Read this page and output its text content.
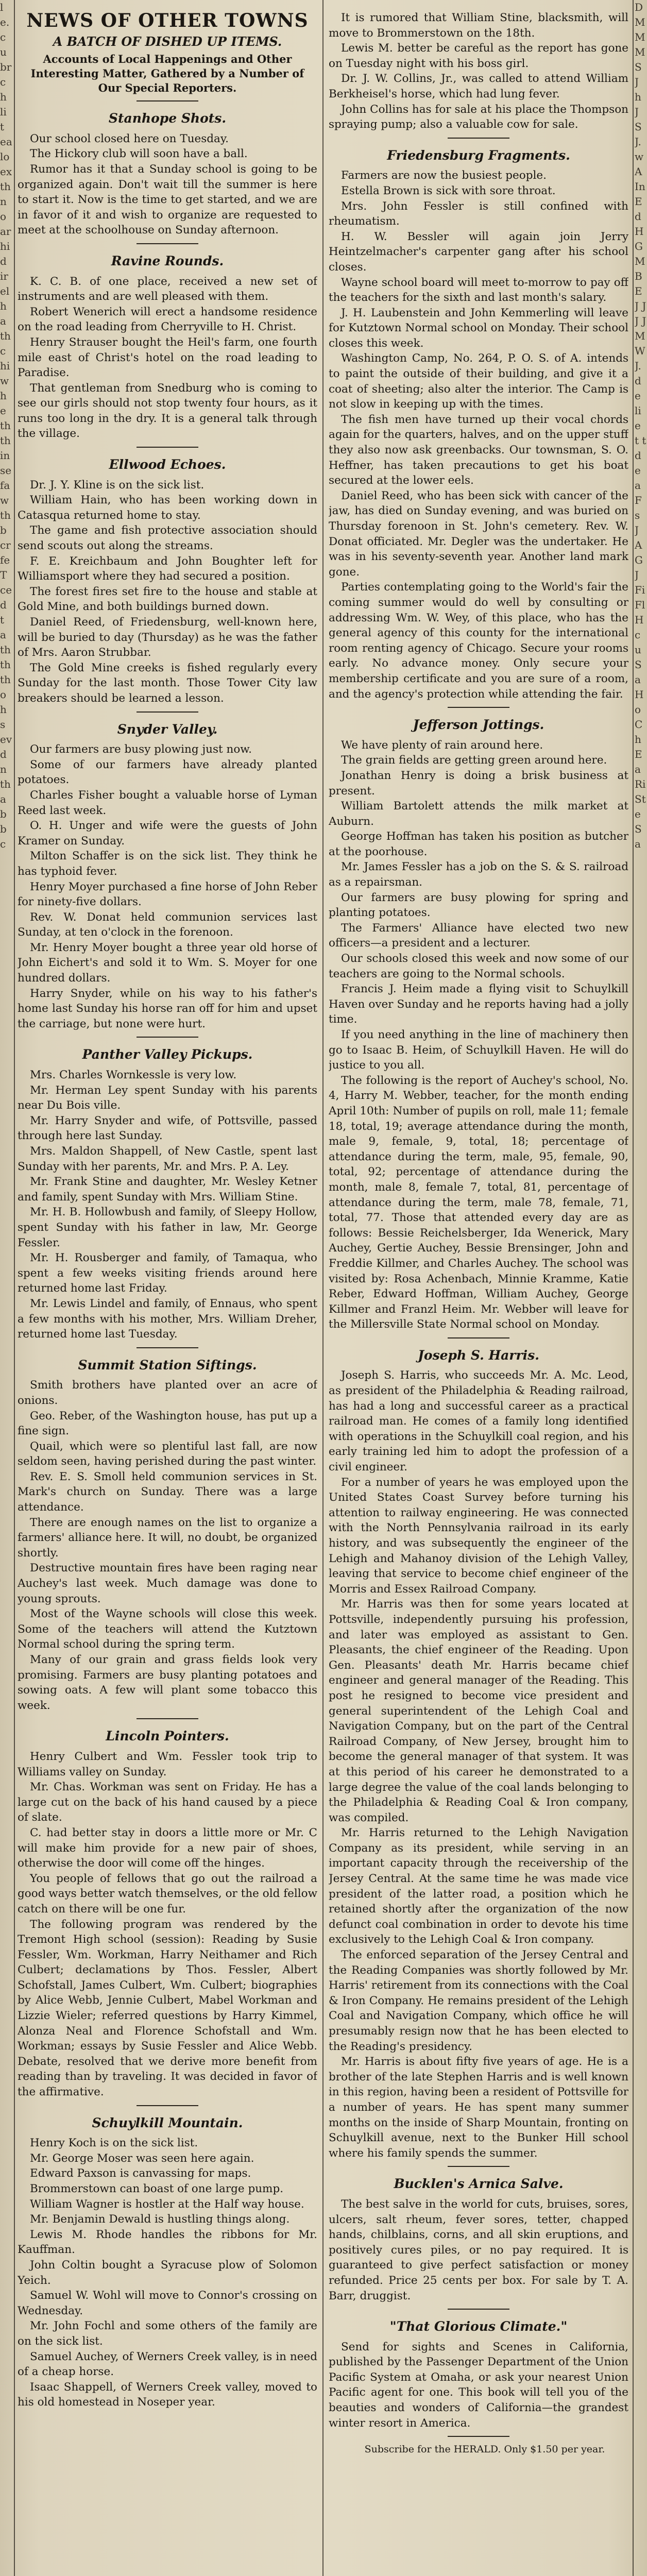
le. cu br ch li t ea lo ex th no ar hi d ir el ha th c hi w he th th in se fa w th b cr fe T ce d t a th th th o h s ev d n th a b b c
D M M M S J h J S J. w A In E d H G M B E J J J J M W J. de lie t t de a F s J A G J Fi Fl H cu Sa Ho Ch Ea Ri Ste Sa
NEWS OF OTHER TOWNS
A BATCH OF DISHED UP ITEMS.
Accounts of Local Happenings and Other Interesting Matter, Gathered by a Number of Our Special Reporters.
Stanhope Shots.

Our school closed here on Tuesday.

The Hickory club will soon have a ball.

Rumor has it that a Sunday school is going to be organized again. Don't wait till the summer is here to start it. Now is the time to get started, and we are in favor of it and wish to organize are requested to meet at the schoolhouse on Sunday afternoon.

Ravine Rounds.

K. C. B. of one place, received a new set of instruments and are well pleased with them.

Robert Wenerich will erect a handsome residence on the road leading from Cherryville to H. Christ.

Henry Strauser bought the Heil's farm, one fourth mile east of Christ's hotel on the road leading to Paradise.

That gentleman from Snedburg who is coming to see our girls should not stop twenty four hours, as it runs too long in the dry. It is a general talk through the village.

Ellwood Echoes.

Dr. J. Y. Kline is on the sick list.

William Hain, who has been working down in Catasqua returned home to stay.

The game and fish protective association should send scouts out along the streams.

F. E. Kreichbaum and John Boughter left for Williamsport where they had secured a position.

The forest fires set fire to the house and stable at Gold Mine, and both buildings burned down.

Daniel Reed, of Friedensburg, well-known here, will be buried to day (Thursday) as he was the father of Mrs. Aaron Strubbar.

The Gold Mine creeks is fished regularly every Sunday for the last month. Those Tower City law breakers should be learned a lesson.

Snyder Valley.

Our farmers are busy plowing just now.

Some of our farmers have already planted potatoes.

Charles Fisher bought a valuable horse of Lyman Reed last week.

O. H. Unger and wife were the guests of John Kramer on Sunday.

Milton Schaffer is on the sick list. They think he has typhoid fever.

Henry Moyer purchased a fine horse of John Reber for ninety-five dollars.

Rev. W. Donat held communion services last Sunday, at ten o'clock in the forenoon.

Mr. Henry Moyer bought a three year old horse of John Eichert's and sold it to Wm. S. Moyer for one hundred dollars.

Harry Snyder, while on his way to his father's home last Sunday his horse ran off for him and upset the carriage, but none were hurt.

Panther Valley Pickups.

Mrs. Charles Wornkessle is very low.

Mr. Herman Ley spent Sunday with his parents near Du Bois ville.

Mr. Harry Snyder and wife, of Pottsville, passed through here last Sunday.

Mrs. Maldon Shappell, of New Castle, spent last Sunday with her parents, Mr. and Mrs. P. A. Ley.

Mr. Frank Stine and daughter, Mr. Wesley Ketner and family, spent Sunday with Mrs. William Stine.

Mr. H. B. Hollowbush and family, of Sleepy Hollow, spent Sunday with his father in law, Mr. George Fessler.

Mr. H. Rousberger and family, of Tamaqua, who spent a few weeks visiting friends around here returned home last Friday.

Mr. Lewis Lindel and family, of Ennaus, who spent a few months with his mother, Mrs. William Dreher, returned home last Tuesday.

Summit Station Siftings.

Smith brothers have planted over an acre of onions.

Geo. Reber, of the Washington house, has put up a fine sign.

Quail, which were so plentiful last fall, are now seldom seen, having perished during the past winter.

Rev. E. S. Smoll held communion services in St. Mark's church on Sunday. There was a large attendance.

There are enough names on the list to organize a farmers' alliance here. It will, no doubt, be organized shortly.

Destructive mountain fires have been raging near Auchey's last week. Much damage was done to young sprouts.

Most of the Wayne schools will close this week. Some of the teachers will attend the Kutztown Normal school during the spring term.

Many of our grain and grass fields look very promising. Farmers are busy planting potatoes and sowing oats. A few will plant some tobacco this week.

Lincoln Pointers.

Henry Culbert and Wm. Fessler took trip to Williams valley on Sunday.

Mr. Chas. Workman was sent on Friday. He has a large cut on the back of his hand caused by a piece of slate.

C. had better stay in doors a little more or Mr. C will make him provide for a new pair of shoes, otherwise the door will come off the hinges.

You people of fellows that go out the railroad a good ways better watch themselves, or the old fellow catch on there will be one fur.

The following program was rendered by the Tremont High school (session): Reading by Susie Fessler, Wm. Workman, Harry Neithamer and Rich Culbert; declamations by Thos. Fessler, Albert Schofstall, James Culbert, Wm. Culbert; biographies by Alice Webb, Jennie Culbert, Mabel Workman and Lizzie Wieler; referred questions by Harry Kimmel, Alonza Neal and Florence Schofstall and Wm. Workman; essays by Susie Fessler and Alice Webb. Debate, resolved that we derive more benefit from reading than by traveling. It was decided in favor of the affirmative.

Schuylkill Mountain.

Henry Koch is on the sick list.

Mr. George Moser was seen here again.

Edward Paxson is canvassing for maps.

Brommerstown can boast of one large pump.

William Wagner is hostler at the Half way house.

Mr. Benjamin Dewald is hustling things along.

Lewis M. Rhode handles the ribbons for Mr. Kauffman.

John Coltin bought a Syracuse plow of Solomon Yeich.

Samuel W. Wohl will move to Connor's crossing on Wednesday.

Mr. John Fochl and some others of the family are on the sick list.

Samuel Auchey, of Werners Creek valley, is in need of a cheap horse.

Isaac Shappell, of Werners Creek valley, moved to his old homestead in Noseper year.

It is rumored that William Stine, blacksmith, will move to Brommerstown on the 18th.

Lewis M. better be careful as the report has gone on Tuesday night with his boss girl.

Dr. J. W. Collins, Jr., was called to attend William Berkheisel's horse, which had lung fever.

John Collins has for sale at his place the Thompson spraying pump; also a valuable cow for sale.

Friedensburg Fragments.

Farmers are now the busiest people.

Estella Brown is sick with sore throat.

Mrs. John Fessler is still confined with rheumatism.

H. W. Bessler will again join Jerry Heintzelmacher's carpenter gang after his school closes.

Wayne school board will meet to-morrow to pay off the teachers for the sixth and last month's salary.

J. H. Laubenstein and John Kemmerling will leave for Kutztown Normal school on Monday. Their school closes this week.

Washington Camp, No. 264, P. O. S. of A. intends to paint the outside of their building, and give it a coat of sheeting; also alter the interior. The Camp is not slow in keeping up with the times.

The fish men have turned up their vocal chords again for the quarters, halves, and on the upper stuff they also now ask greenbacks. Our townsman, S. O. Heffner, has taken precautions to get his boat secured at the lower eels.

Daniel Reed, who has been sick with cancer of the jaw, has died on Sunday evening, and was buried on Thursday forenoon in St. John's cemetery. Rev. W. Donat officiated. Mr. Degler was the undertaker. He was in his seventy-seventh year. Another land mark gone.

Parties contemplating going to the World's fair the coming summer would do well by consulting or addressing Wm. W. Wey, of this place, who has the general agency of this county for the international room renting agency of Chicago. Secure your rooms early. No advance money. Only secure your membership certificate and you are sure of a room, and the agency's protection while attending the fair.

Jefferson Jottings.

We have plenty of rain around here.

The grain fields are getting green around here.

Jonathan Henry is doing a brisk business at present.

William Bartolett attends the milk market at Auburn.

George Hoffman has taken his position as butcher at the poorhouse.

Mr. James Fessler has a job on the S. & S. railroad as a repairsman.

Our farmers are busy plowing for spring and planting potatoes.

The Farmers' Alliance have elected two new officers—a president and a lecturer.

Our schools closed this week and now some of our teachers are going to the Normal schools.

Francis J. Heim made a flying visit to Schuylkill Haven over Sunday and he reports having had a jolly time.

If you need anything in the line of machinery then go to Isaac B. Heim, of Schuylkill Haven. He will do justice to you all.

The following is the report of Auchey's school, No. 4, Harry M. Webber, teacher, for the month ending April 10th: Number of pupils on roll, male 11; female 18, total, 19; average attendance during the month, male 9, female, 9, total, 18; percentage of attendance during the term, male, 95, female, 90, total, 92; percentage of attendance during the month, male 8, female 7, total, 81, percentage of attendance during the term, male 78, female, 71, total, 77. Those that attended every day are as follows: Bessie Reichelsberger, Ida Wenerick, Mary Auchey, Gertie Auchey, Bessie Brensinger, John and Freddie Killmer, and Charles Auchey. The school was visited by: Rosa Achenbach, Minnie Kramme, Katie Reber, Edward Hoffman, William Auchey, George Killmer and Franzl Heim. Mr. Webber will leave for the Millersville State Normal school on Monday.

Joseph S. Harris.

Joseph S. Harris, who succeeds Mr. A. Mc. Leod, as president of the Philadelphia & Reading railroad, has had a long and successful career as a practical railroad man. He comes of a family long identified with operations in the Schuylkill coal region, and his early training led him to adopt the profession of a civil engineer.

For a number of years he was employed upon the United States Coast Survey before turning his attention to railway engineering. He was connected with the North Pennsylvania railroad in its early history, and was subsequently the engineer of the Lehigh and Mahanoy division of the Lehigh Valley, leaving that service to become chief engineer of the Morris and Essex Railroad Company.

Mr. Harris was then for some years located at Pottsville, independently pursuing his profession, and later was employed as assistant to Gen. Pleasants, the chief engineer of the Reading. Upon Gen. Pleasants' death Mr. Harris became chief engineer and general manager of the Reading. This post he resigned to become vice president and general superintendent of the Lehigh Coal and Navigation Company, but on the part of the Central Railroad Company, of New Jersey, brought him to become the general manager of that system. It was at this period of his career he demonstrated to a large degree the value of the coal lands belonging to the Philadelphia & Reading Coal & Iron company, was compiled.

Mr. Harris returned to the Lehigh Navigation Company as its president, while serving in an important capacity through the receivership of the Jersey Central. At the same time he was made vice president of the latter road, a position which he retained shortly after the organization of the now defunct coal combination in order to devote his time exclusively to the Lehigh Coal & Iron company.

The enforced separation of the Jersey Central and the Reading Companies was shortly followed by Mr. Harris' retirement from its connections with the Coal & Iron Company. He remains president of the Lehigh Coal and Navigation Company, which office he will presumably resign now that he has been elected to the Reading's presidency.

Mr. Harris is about fifty five years of age. He is a brother of the late Stephen Harris and is well known in this region, having been a resident of Pottsville for a number of years. He has spent many summer months on the inside of Sharp Mountain, fronting on Schuylkill avenue, next to the Bunker Hill school where his family spends the summer.

Bucklen's Arnica Salve.

The best salve in the world for cuts, bruises, sores, ulcers, salt rheum, fever sores, tetter, chapped hands, chilblains, corns, and all skin eruptions, and positively cures piles, or no pay required. It is guaranteed to give perfect satisfaction or money refunded. Price 25 cents per box. For sale by T. A. Barr, druggist.

"That Glorious Climate."

Send for sights and Scenes in California, published by the Passenger Department of the Union Pacific System at Omaha, or ask your nearest Union Pacific agent for one. This book will tell you of the beauties and wonders of California—the grandest winter resort in America.

Subscribe for the HERALD. Only $1.50 per year.
